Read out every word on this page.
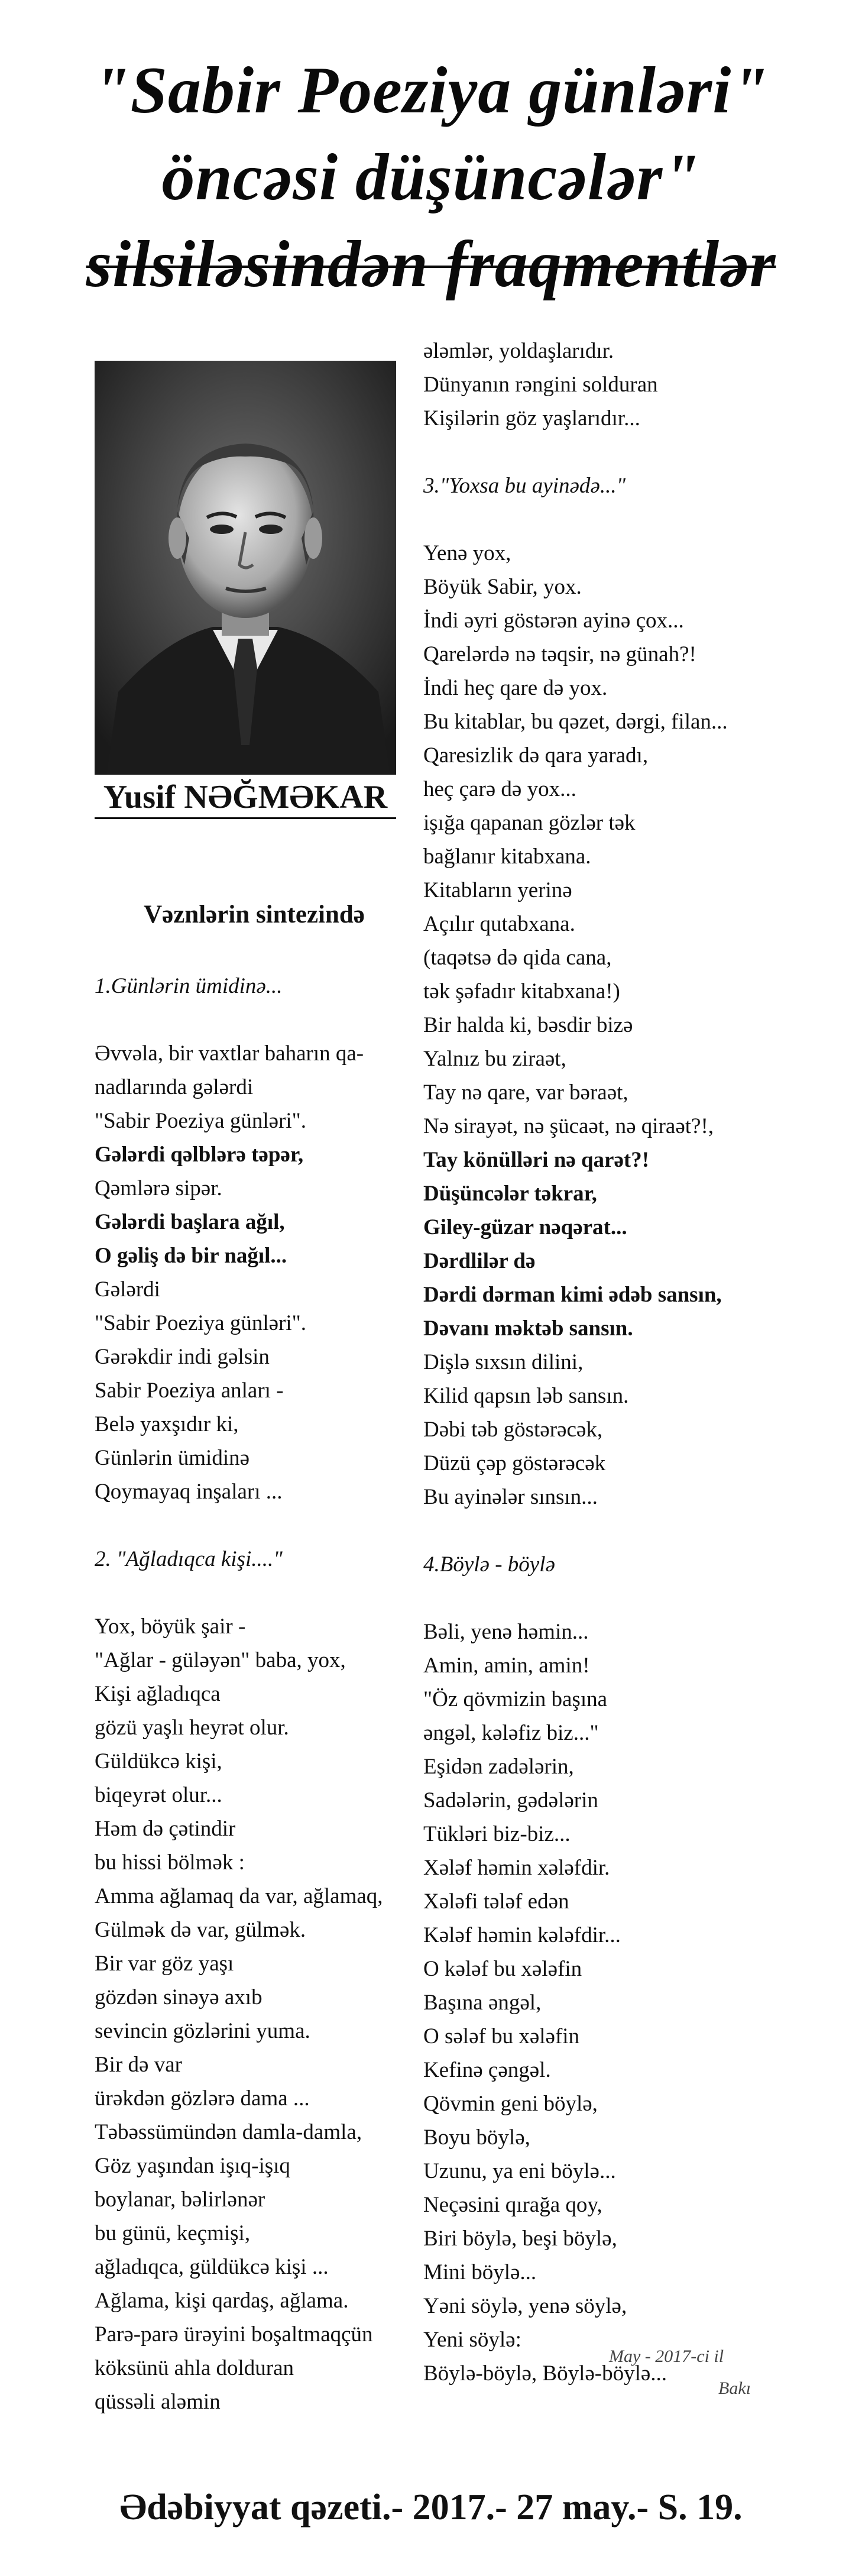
"Sabir Poeziya günləri"
öncəsi düşüncələr"
silsiləsindən fraqmentlər
Yusif NƏĞMƏKAR
Vəznlərin sintezində
1.Günlərin ümidinə...
Əvvəla, bir vaxtlar baharın qa-
nadlarında gələrdi
"Sabir Poeziya günləri".
Gələrdi qəlblərə təpər,
Qəmlərə sipər.
Gələrdi başlara ağıl,
O gəliş də bir nağıl...
Gələrdi
"Sabir Poeziya günləri".
Gərəkdir indi gəlsin
Sabir Poeziya anları -
Belə yaxşıdır ki,
Günlərin ümidinə
Qoymayaq inşaları ...
2. "Ağladıqca kişi...."
Yox, böyük şair -
"Ağlar - güləyən" baba, yox,
Kişi ağladıqca
gözü yaşlı heyrət olur.
Güldükcə kişi,
biqeyrət olur...
Həm də çətindir
bu hissi bölmək :
Amma ağlamaq da var, ağlamaq,
Gülmək də var, gülmək.
Bir var göz yaşı
gözdən sinəyə axıb
sevincin gözlərini yuma.
Bir də var
ürəkdən gözlərə dama ...
Təbəssümündən damla-damla,
Göz yaşından işıq-işıq
boylanar, bəlirlənər
bu günü, keçmişi,
ağladıqca, güldükcə kişi ...
Ağlama, kişi qardaş, ağlama.
Parə-parə ürəyini boşaltmaqçün
köksünü ahla dolduran
qüssəli aləmin
ələmlər, yoldaşlarıdır.
Dünyanın rəngini solduran
Kişilərin göz yaşlarıdır...
3."Yoxsa bu ayinədə..."
Yenə yox,
Böyük Sabir, yox.
İndi əyri göstərən ayinə çox...
Qarelərdə nə təqsir, nə günah?!
İndi heç qare də yox.
Bu kitablar, bu qəzet, dərgi, filan...
Qaresizlik də qara yaradı,
heç çarə də yox...
işığa qapanan gözlər tək
bağlanır kitabxana.
Kitabların yerinə
Açılır qutabxana.
(taqətsə də qida cana,
tək şəfadır kitabxana!)
Bir halda ki, bəsdir bizə
Yalnız bu ziraət,
Tay nə qare, var bəraət,
Nə sirayət, nə şücaət, nə qiraət?!,
Tay könülləri nə qarət?!
Düşüncələr təkrar,
Giley-güzar nəqərat...
Dərdlilər də
Dərdi dərman kimi ədəb sansın,
Dəvanı məktəb sansın.
Dişlə sıxsın dilini,
Kilid qapsın ləb sansın.
Dəbi təb göstərəcək,
Düzü çəp göstərəcək
Bu ayinələr sınsın...
4.Böylə - böylə
Bəli, yenə həmin...
Amin, amin, amin!
"Öz qövmizin başına
əngəl, kələfiz biz..."
Eşidən zadələrin,
Sadələrin, gədələrin
Tükləri biz-biz...
Xələf həmin xələfdir.
Xələfi tələf edən
Kələf həmin kələfdir...
O kələf bu xələfin
Başına əngəl,
O sələf bu xələfin
Kefinə çəngəl.
Qövmin geni böylə,
Boyu böylə,
Uzunu, ya eni böylə...
Neçəsini qırağa qoy,
Biri böylə, beşi böylə,
Mini böylə...
Yəni söylə, yenə söylə,
Yeni söylə:
Böylə-böylə, Böylə-böylə...
May - 2017-ci il
Bakı
Ədəbiyyat qəzeti.- 2017.- 27 may.- S. 19.
